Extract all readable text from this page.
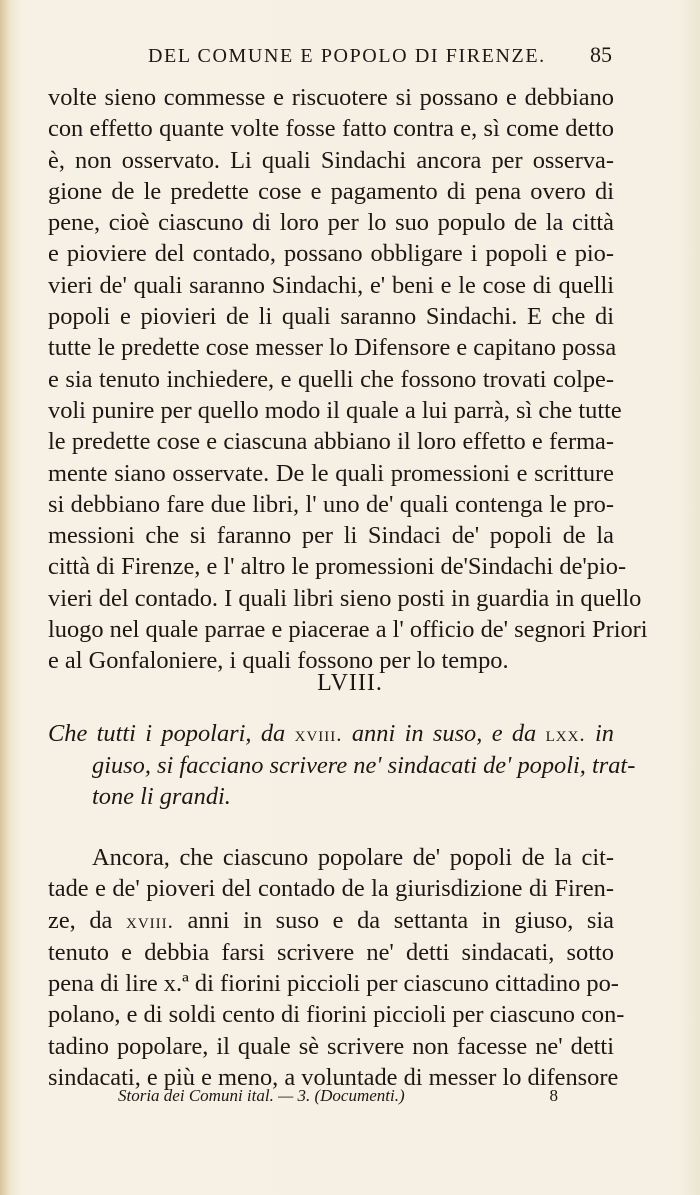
DEL COMUNE E POPOLO DI FIRENZE. 85
volte sieno commesse e riscuotere si possano e debbiano
con effetto quante volte fosse fatto contra e, sì come detto
è, non osservato. Li quali Sindachi ancora per osserva-
gione de le predette cose e pagamento di pena overo di
pene, cioè ciascuno di loro per lo suo populo de la città
e pioviere del contado, possano obbligare i popoli e pio-
vieri de' quali saranno Sindachi, e' beni e le cose di quelli
popoli e piovieri de li quali saranno Sindachi. E che di
tutte le predette cose messer lo Difensore e capitano possa
e sia tenuto inchiedere, e quelli che fossono trovati colpe-
voli punire per quello modo il quale a lui parrà, sì che tutte
le predette cose e ciascuna abbiano il loro effetto e ferma-
mente siano osservate. De le quali promessioni e scritture
si debbiano fare due libri, l' uno de' quali contenga le pro-
messioni che si faranno per li Sindaci de' popoli de la
città di Firenze, e l' altro le promessioni de'Sindachi de'pio-
vieri del contado. I quali libri sieno posti in guardia in quello
luogo nel quale parrae e piacerae a l' officio de' segnori Priori
e al Gonfaloniere, i quali fossono per lo tempo.
LVIII.
Che tutti i popolari, da xviii. anni in suso, e da lxx. in
giuso, si facciano scrivere ne' sindacati de' popoli, trat-
tone li grandi.
Ancora, che ciascuno popolare de' popoli de la cit-
tade e de' pioveri del contado de la giurisdizione di Firen-
ze, da xviii. anni in suso e da settanta in giuso, sia
tenuto e debbia farsi scrivere ne' detti sindacati, sotto
pena di lire x.ª di fiorini piccioli per ciascuno cittadino po-
polano, e di soldi cento di fiorini piccioli per ciascuno con-
tadino popolare, il quale sè scrivere non facesse ne' detti
sindacati, e più e meno, a voluntade di messer lo difensore
Storia dei Comuni ital. — 3. (Documenti.)	8
